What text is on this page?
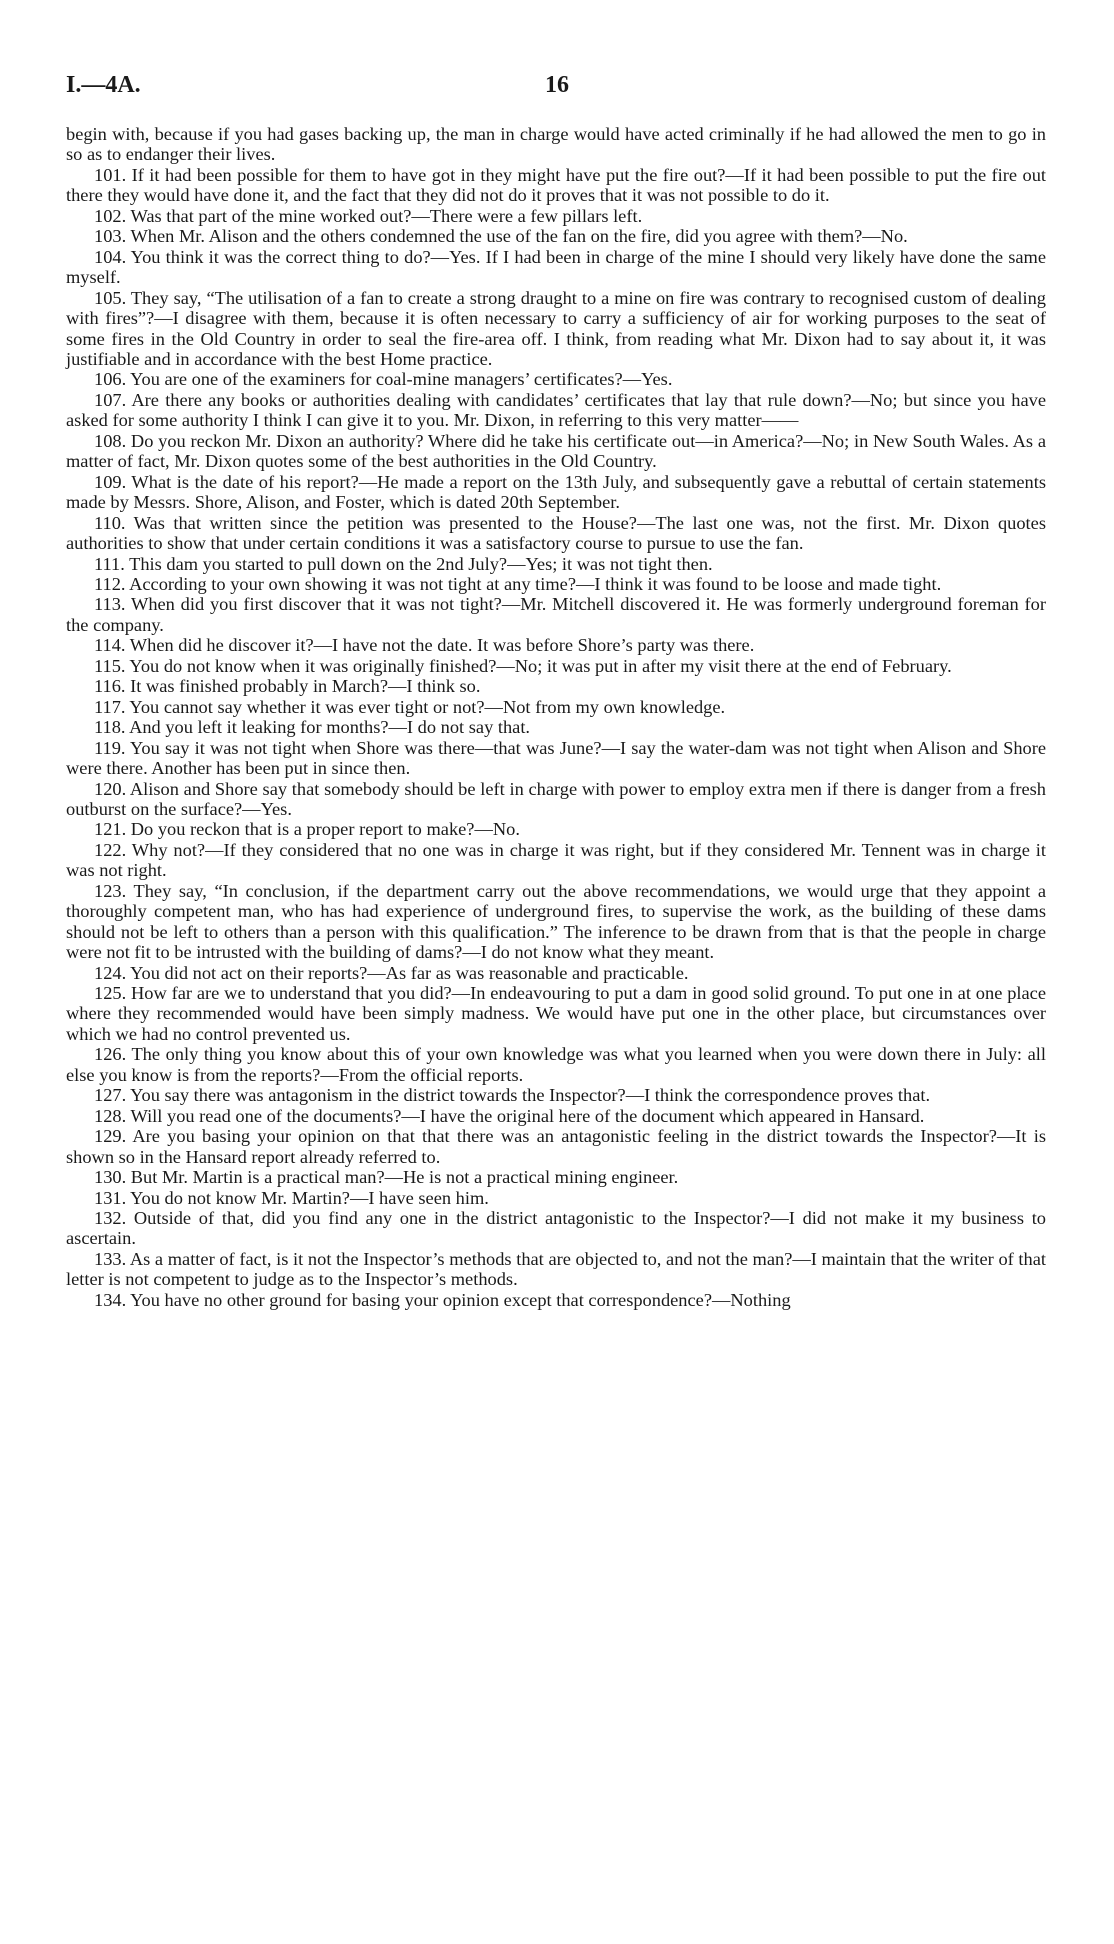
I.—4A.	16

begin with, because if you had gases backing up, the man in charge would have acted criminally if he had allowed the men to go in so as to endanger their lives.

101. If it had been possible for them to have got in they might have put the fire out?—If it had been possible to put the fire out there they would have done it, and the fact that they did not do it proves that it was not possible to do it.

102. Was that part of the mine worked out?—There were a few pillars left.

103. When Mr. Alison and the others condemned the use of the fan on the fire, did you agree with them?—No.

104. You think it was the correct thing to do?—Yes. If I had been in charge of the mine I should very likely have done the same myself.

105. They say, “The utilisation of a fan to create a strong draught to a mine on fire was contrary to recognised custom of dealing with fires”?—I disagree with them, because it is often necessary to carry a sufficiency of air for working purposes to the seat of some fires in the Old Country in order to seal the fire-area off. I think, from reading what Mr. Dixon had to say about it, it was justifiable and in accordance with the best Home practice.

106. You are one of the examiners for coal-mine managers’ certificates?—Yes.

107. Are there any books or authorities dealing with candidates’ certificates that lay that rule down?—No; but since you have asked for some authority I think I can give it to you. Mr. Dixon, in referring to this very matter——

108. Do you reckon Mr. Dixon an authority? Where did he take his certificate out—in America?—No; in New South Wales. As a matter of fact, Mr. Dixon quotes some of the best authorities in the Old Country.

109. What is the date of his report?—He made a report on the 13th July, and subsequently gave a rebuttal of certain statements made by Messrs. Shore, Alison, and Foster, which is dated 20th September.

110. Was that written since the petition was presented to the House?—The last one was, not the first. Mr. Dixon quotes authorities to show that under certain conditions it was a satisfactory course to pursue to use the fan.

111. This dam you started to pull down on the 2nd July?—Yes; it was not tight then.

112. According to your own showing it was not tight at any time?—I think it was found to be loose and made tight.

113. When did you first discover that it was not tight?—Mr. Mitchell discovered it. He was formerly underground foreman for the company.

114. When did he discover it?—I have not the date. It was before Shore’s party was there.

115. You do not know when it was originally finished?—No; it was put in after my visit there at the end of February.

116. It was finished probably in March?—I think so.

117. You cannot say whether it was ever tight or not?—Not from my own knowledge.

118. And you left it leaking for months?—I do not say that.

119. You say it was not tight when Shore was there—that was June?—I say the water-dam was not tight when Alison and Shore were there. Another has been put in since then.

120. Alison and Shore say that somebody should be left in charge with power to employ extra men if there is danger from a fresh outburst on the surface?—Yes.

121. Do you reckon that is a proper report to make?—No.

122. Why not?—If they considered that no one was in charge it was right, but if they considered Mr. Tennent was in charge it was not right.

123. They say, “In conclusion, if the department carry out the above recommendations, we would urge that they appoint a thoroughly competent man, who has had experience of underground fires, to supervise the work, as the building of these dams should not be left to others than a person with this qualification.” The inference to be drawn from that is that the people in charge were not fit to be intrusted with the building of dams?—I do not know what they meant.

124. You did not act on their reports?—As far as was reasonable and practicable.

125. How far are we to understand that you did?—In endeavouring to put a dam in good solid ground. To put one in at one place where they recommended would have been simply madness. We would have put one in the other place, but circumstances over which we had no control prevented us.

126. The only thing you know about this of your own knowledge was what you learned when you were down there in July: all else you know is from the reports?—From the official reports.

127. You say there was antagonism in the district towards the Inspector?—I think the correspondence proves that.

128. Will you read one of the documents?—I have the original here of the document which appeared in Hansard.

129. Are you basing your opinion on that that there was an antagonistic feeling in the district towards the Inspector?—It is shown so in the Hansard report already referred to.

130. But Mr. Martin is a practical man?—He is not a practical mining engineer.

131. You do not know Mr. Martin?—I have seen him.

132. Outside of that, did you find any one in the district antagonistic to the Inspector?—I did not make it my business to ascertain.

133. As a matter of fact, is it not the Inspector’s methods that are objected to, and not the man?—I maintain that the writer of that letter is not competent to judge as to the Inspector’s methods.

134. You have no other ground for basing your opinion except that correspondence?—Nothing
